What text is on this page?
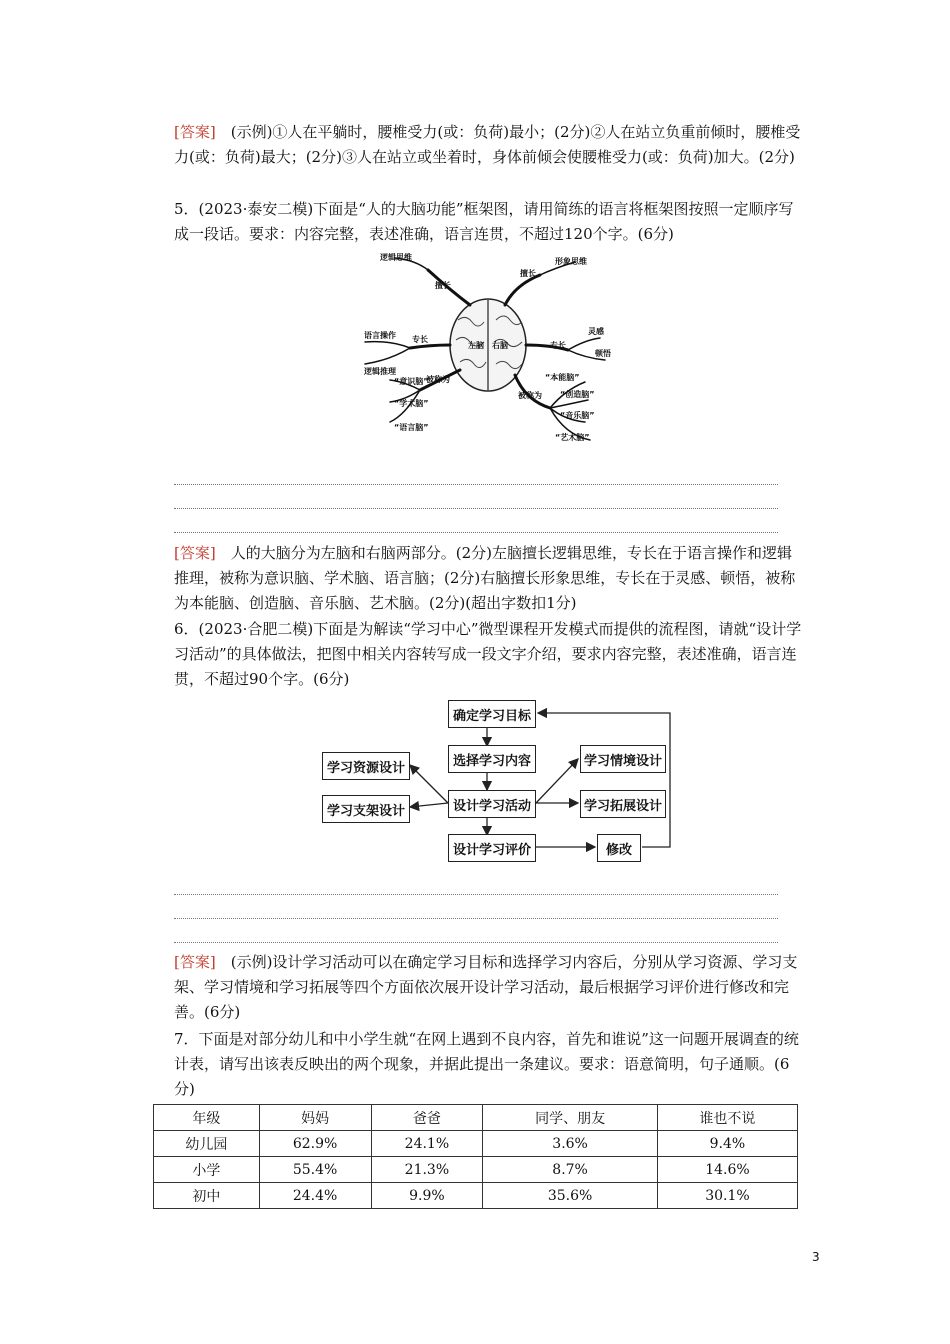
[答案]　(示例)①人在平躺时，腰椎受力(或：负荷)最小；(2分)②人在站立负重前倾时，腰椎受力(或：负荷)最大；(2分)③人在站立或坐着时，身体前倾会使腰椎受力(或：负荷)加大。(2分)
5．(2023·泰安二模)下面是“人的大脑功能”框架图，请用简练的语言将框架图按照一定顺序写成一段话。要求：内容完整，表述准确，语言连贯，不超过120个字。(6分)
左脑 右脑
擅长
逻辑思维
专长
语言操作
逻辑推理
被称为
“意识脑”
“学术脑”
“语言脑”
擅长
形象思维
专长
灵感
顿悟
被称为
“本能脑”
“创造脑”
“音乐脑”
“艺术脑”
[答案]　人的大脑分为左脑和右脑两部分。(2分)左脑擅长逻辑思维，专长在于语言操作和逻辑推理，被称为意识脑、学术脑、语言脑；(2分)右脑擅长形象思维，专长在于灵感、顿悟，被称为本能脑、创造脑、音乐脑、艺术脑。(2分)(超出字数扣1分)
6．(2023·合肥二模)下面是为解读“学习中心”微型课程开发模式而提供的流程图，请就“设计学习活动”的具体做法，把图中相关内容转写成一段文字介绍，要求内容完整，表述准确，语言连贯，不超过90个字。(6分)
确定学习目标
选择学习内容
设计学习活动
设计学习评价
学习资源设计
学习支架设计
学习情境设计
学习拓展设计
修改
[答案]　(示例)设计学习活动可以在确定学习目标和选择学习内容后，分别从学习资源、学习支架、学习情境和学习拓展等四个方面依次展开设计学习活动，最后根据学习评价进行修改和完善。(6分)
7．下面是对部分幼儿和中小学生就“在网上遇到不良内容，首先和谁说”这一问题开展调查的统计表，请写出该表反映出的两个现象，并据此提出一条建议。要求：语意简明，句子通顺。(6分)
年级	妈妈	爸爸	同学、朋友	谁也不说
幼儿园	62.9%	24.1%	3.6%	9.4%
小学	55.4%	21.3%	8.7%	14.6%
初中	24.4%	9.9%	35.6%	30.1%
3
